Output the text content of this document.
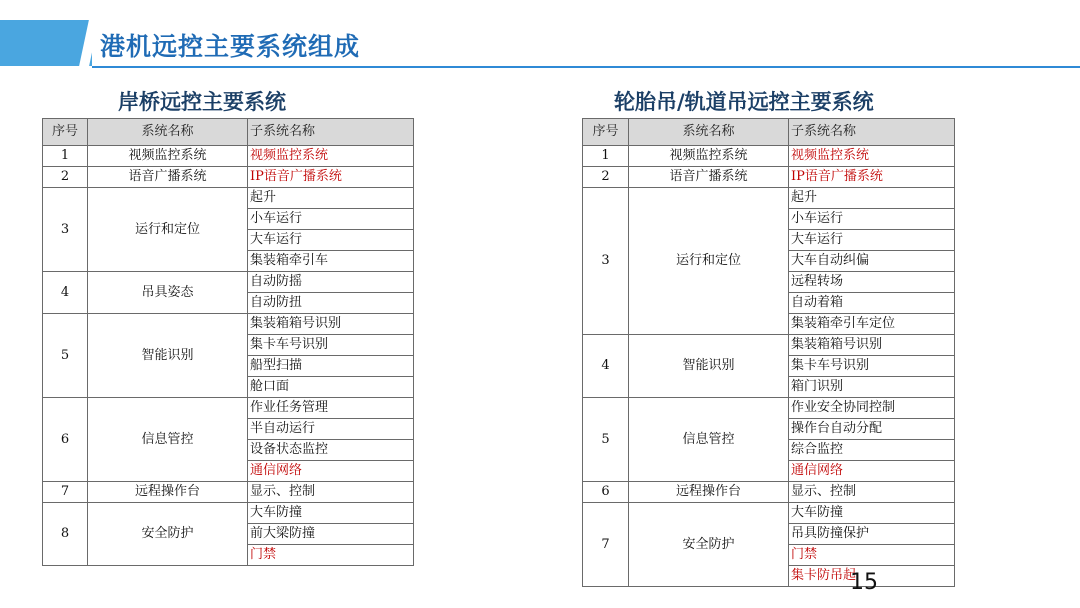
港机远控主要系统组成
岸桥远控主要系统	轮胎吊/轨道吊远控主要系统
序号	系统名称	子系统名称
1	视频监控系统	视频监控系统
2	语音广播系统	IP语音广播系统
3	运行和定位	起升
		小车运行
		大车运行
		集装箱牵引车
4	吊具姿态	自动防摇
		自动防扭
5	智能识别	集装箱箱号识别
		集卡车号识别
		船型扫描
		舱口面
6	信息管控	作业任务管理
		半自动运行
		设备状态监控
		通信网络
7	远程操作台	显示、控制
8	安全防护	大车防撞
		前大梁防撞
		门禁
序号	系统名称	子系统名称
1	视频监控系统	视频监控系统
2	语音广播系统	IP语音广播系统
3	运行和定位	起升
		小车运行
		大车运行
		大车自动纠偏
		远程转场
		自动着箱
		集装箱牵引车定位
4	智能识别	集装箱箱号识别
		集卡车号识别
		箱门识别
5	信息管控	作业安全协同控制
		操作台自动分配
		综合监控
		通信网络
6	远程操作台	显示、控制
7	安全防护	大车防撞
		吊具防撞保护
		门禁
		集卡防吊起
15
